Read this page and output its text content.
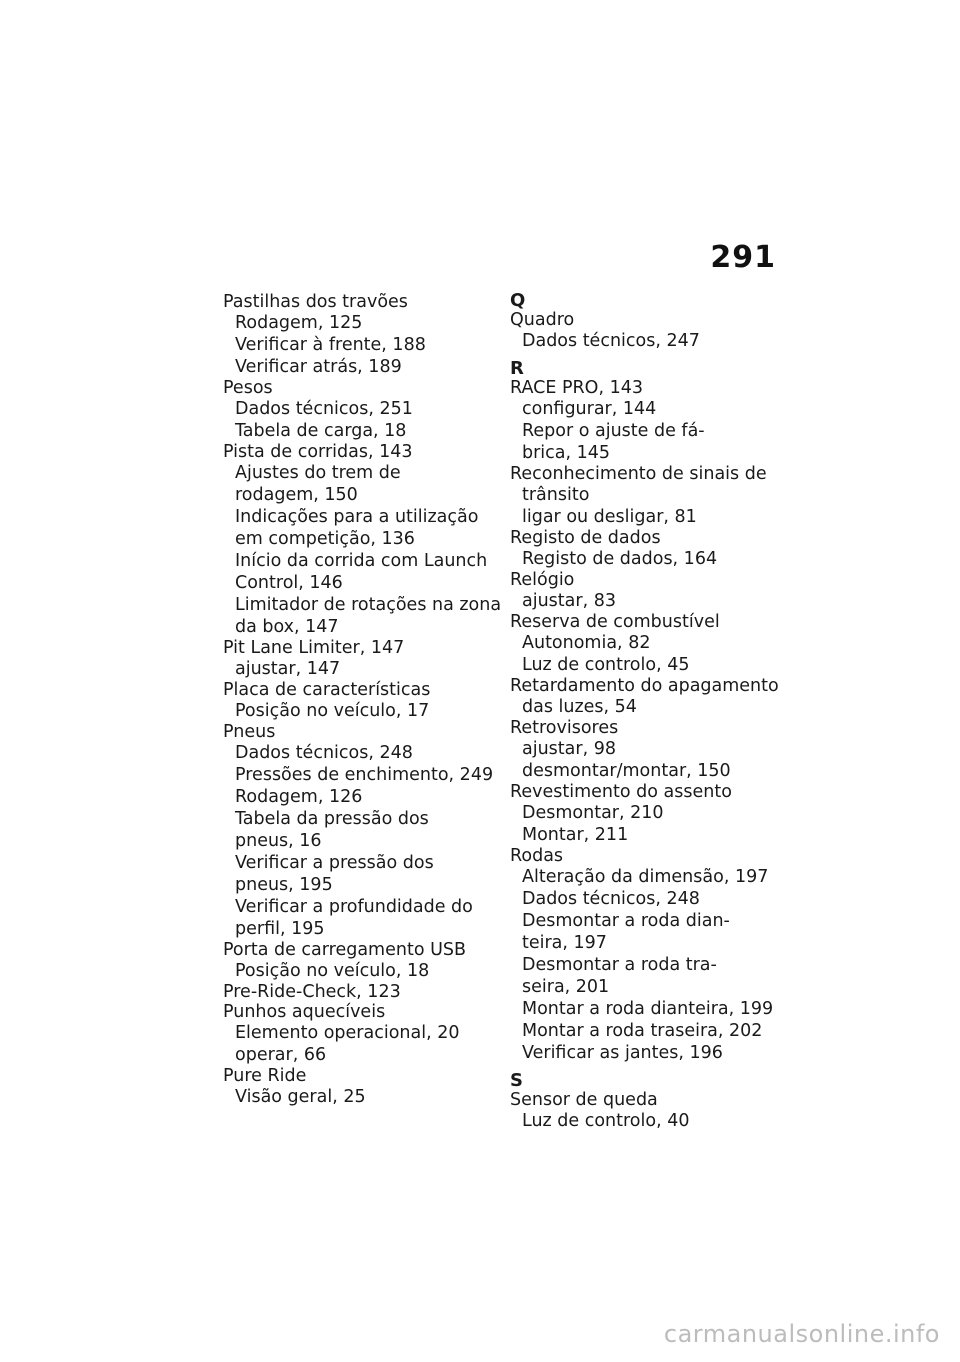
291
Pastilhas dos travões
Rodagem, 125
Verificar à frente, 188
Verificar atrás, 189
Pesos
Dados técnicos, 251
Tabela de carga, 18
Pista de corridas, 143
Ajustes do trem de
rodagem, 150
Indicações para a utilização
em competição, 136
Início da corrida com Launch
Control, 146
Limitador de rotações na zona
da box, 147
Pit Lane Limiter, 147
ajustar, 147
Placa de características
Posição no veículo, 17
Pneus
Dados técnicos, 248
Pressões de enchimento, 249
Rodagem, 126
Tabela da pressão dos
pneus, 16
Verificar a pressão dos
pneus, 195
Verificar a profundidade do
perfil, 195
Porta de carregamento USB
Posição no veículo, 18
Pre-Ride-Check, 123
Punhos aquecíveis
Elemento operacional, 20
operar, 66
Pure Ride
Visão geral, 25
Q
Quadro
Dados técnicos, 247
R
RACE PRO, 143
configurar, 144
Repor o ajuste de fá-
brica, 145
Reconhecimento de sinais de
trânsito
ligar ou desligar, 81
Registo de dados
Registo de dados, 164
Relógio
ajustar, 83
Reserva de combustível
Autonomia, 82
Luz de controlo, 45
Retardamento do apagamento
das luzes, 54
Retrovisores
ajustar, 98
desmontar/montar, 150
Revestimento do assento
Desmontar, 210
Montar, 211
Rodas
Alteração da dimensão, 197
Dados técnicos, 248
Desmontar a roda dian-
teira, 197
Desmontar a roda tra-
seira, 201
Montar a roda dianteira, 199
Montar a roda traseira, 202
Verificar as jantes, 196
S
Sensor de queda
Luz de controlo, 40
carmanualsonline.info
